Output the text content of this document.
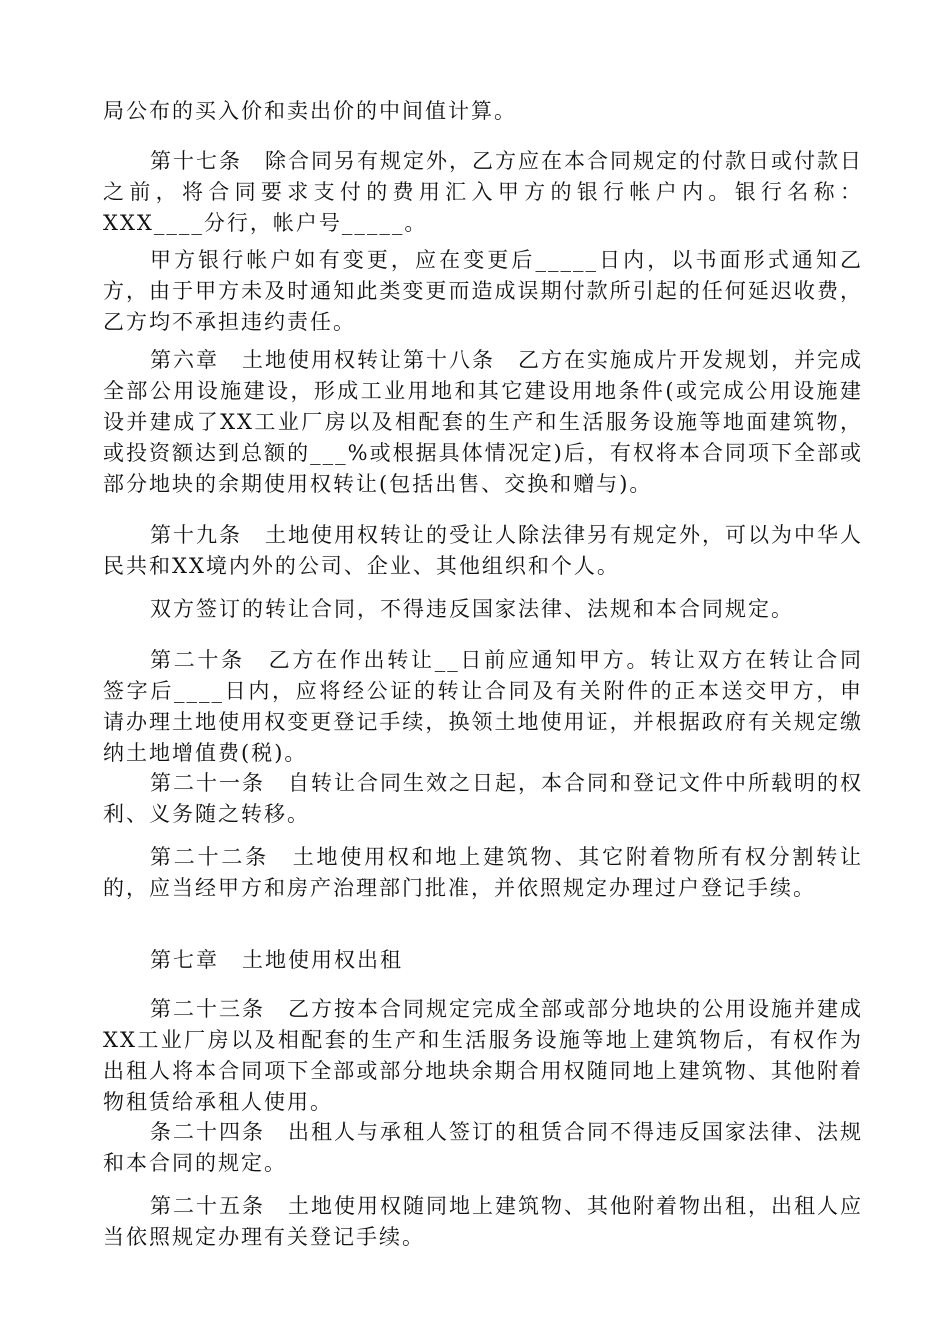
局公布的买入价和卖出价的中间值计算。

第十七条　除合同另有规定外，乙方应在本合同规定的付款日或付款日之前，将合同要求支付的费用汇入甲方的银行帐户内。银行名称：XXX____分行，帐户号_____。

甲方银行帐户如有变更，应在变更后_____日内，以书面形式通知乙方，由于甲方未及时通知此类变更而造成误期付款所引起的任何延迟收费，乙方均不承担违约责任。

第六章　土地使用权转让第十八条　乙方在实施成片开发规划，并完成全部公用设施建设，形成工业用地和其它建设用地条件(或完成公用设施建设并建成了XX工业厂房以及相配套的生产和生活服务设施等地面建筑物，或投资额达到总额的___%或根据具体情况定)后，有权将本合同项下全部或部分地块的余期使用权转让(包括出售、交换和赠与)。

第十九条　土地使用权转让的受让人除法律另有规定外，可以为中华人民共和XX境内外的公司、企业、其他组织和个人。

双方签订的转让合同，不得违反国家法律、法规和本合同规定。

第二十条　乙方在作出转让__日前应通知甲方。转让双方在转让合同签字后____日内，应将经公证的转让合同及有关附件的正本送交甲方，申请办理土地使用权变更登记手续，换领土地使用证，并根据政府有关规定缴纳土地增值费(税)。

第二十一条　自转让合同生效之日起，本合同和登记文件中所载明的权利、义务随之转移。

第二十二条　土地使用权和地上建筑物、其它附着物所有权分割转让的，应当经甲方和房产治理部门批准，并依照规定办理过户登记手续。

第七章　土地使用权出租

第二十三条　乙方按本合同规定完成全部或部分地块的公用设施并建成XX工业厂房以及相配套的生产和生活服务设施等地上建筑物后，有权作为出租人将本合同项下全部或部分地块余期合用权随同地上建筑物、其他附着物租赁给承租人使用。

条二十四条　出租人与承租人签订的租赁合同不得违反国家法律、法规和本合同的规定。

第二十五条　土地使用权随同地上建筑物、其他附着物出租，出租人应当依照规定办理有关登记手续。
